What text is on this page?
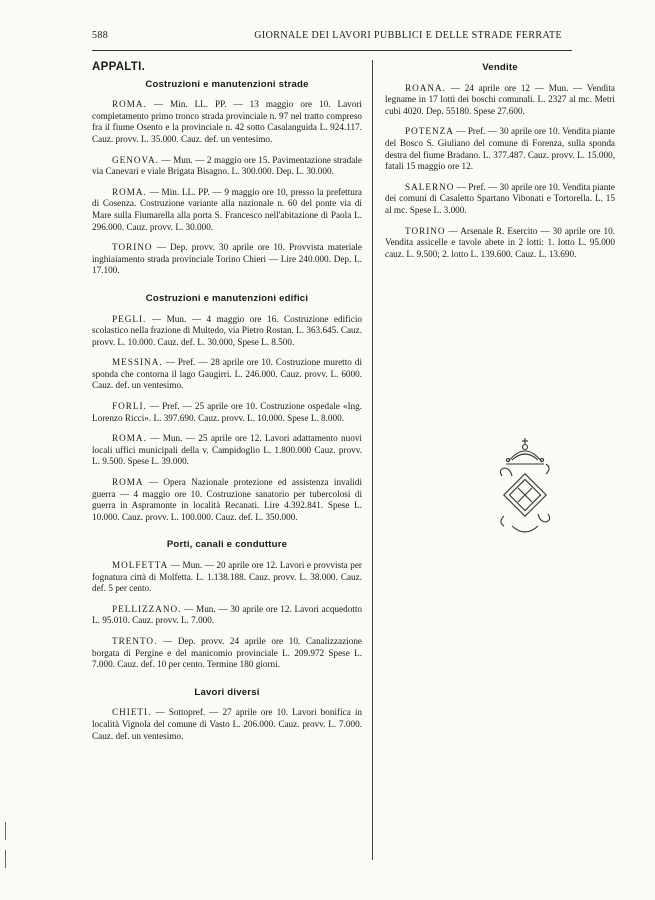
588	GIORNALE DEI LAVORI PUBBLICI E DELLE STRADE FERRATE
APPALTI.
Costruzioni e manutenzioni strade

ROMA. — Min. LL. PP. — 13 maggio ore 10. Lavori completamento primo tronco strada provinciale n. 97 nel tratto compreso fra il fiume Osento e la provinciale n. 42 sotto Casalanguida L. 924.117. Cauz. provv. L. 35.000. Cauz. def. un ventesimo.

GENOVA. — Mun. — 2 maggio ore 15. Pavimentazione stradale via Canevari e viale Brigata Bisagno. L. 300.000. Dep. L. 30.000.

ROMA. — Min. LL. PP. — 9 maggio ore 10, presso la prefettura di Cosenza. Costruzione variante alla nazionale n. 60 del ponte via di Mare sulla Fiumarella alla porta S. Francesco nell'abitazione di Paola L. 296.000. Cauz. provv. L. 30.000.

TORINO — Dep. provv. 30 aprile ore 10. Provvista materiale inghiaiamento strada provinciale Torino Chieri — Lire 240.000. Dep. L. 17.100.

Costruzioni e manutenzioni edifici

PEGLI. — Mun. — 4 maggio ore 16. Costruzione edificio scolastico nella frazione di Multedo, via Pietro Rostan. L. 363.645. Cauz. provv. L. 10.000. Cauz. def. L. 30.000, Spese L. 8.500.

MESSINA. — Pref. — 28 aprile ore 10. Costruzione muretto di sponda che contorna il lago Gaugirri. L. 246.000. Cauz. provv. L. 6000. Cauz. def. un ventesimo.

FORLI. — Pref. — 25 aprile ore 10. Costruzione ospedale «Ing. Lorenzo Ricci». L. 397.690. Cauz. provv. L. 10.000. Spese L. 8.000.

ROMA. — Mun. — 25 aprile ore 12. Lavori adattamento nuovi locali uffici municipali della v. Campidoglio L. 1.800.000 Cauz. provv. L. 9.500. Spese L. 39.000.

ROMA — Opera Nazionale protezione ed assistenza invalidi guerra — 4 maggio ore 10. Costruzione sanatorio per tubercolosi di guerra in Aspramonte in località Recanati. Lire 4.392.841. Spese L. 10.000. Cauz. provv. L. 100.000. Cauz. def. L. 350.000.

Porti, canali e condutture

MOLFETTA — Mun. — 20 aprile ore 12. Lavori e provvista per fognatura città di Molfetta. L. 1.138.188. Cauz. provv. L. 38.000. Cauz. def. 5 per cento.

PELLIZZANO. — Mun. — 30 aprile ore 12. Lavori acquedotto L. 95.010. Cauz. provv. L. 7.000.

TRENTO. — Dep. provv. 24 aprile ore 10. Canalizzazione borgata di Pergine e del manicomio provinciale L. 209.972 Spese L. 7.000. Cauz. def. 10 per cento. Termine 180 giorni.

Lavori diversi

CHIETI. — Sottopref. — 27 aprile ore 10. Lavori bonifica in località Vignola del comune di Vasto L. 206.000. Cauz. provv. L. 7.000. Cauz. def. un ventesimo.

Vendite

ROANA. — 24 aprile ore 12 — Mun. — Vendita legname in 17 lotti dei boschi comunali. L. 2327 al mc. Metri cubi 4020. Dep. 55180. Spese 27.600.

POTENZA — Pref. — 30 aprile ore 10. Vendita piante del Bosco S. Giuliano del comune di Forenza, sulla sponda destra del fiume Bradano. L. 377.487. Cauz. provv. L. 15.000, fatali 15 maggio ore 12.

SALERNO — Pref. — 30 aprile ore 10. Vendita piante dei comuni di Casaletto Spartano Vibonati e Tortorella. L. 15 al mc. Spese L. 3.000.

TORINO — Arsenale R. Esercito — 30 aprile ore 10. Vendita assicelle e tavole abete in 2 lotti: 1. lotto L. 95.000 cauz. L. 9.500; 2. lotto L. 139.600. Cauz. L. 13.690.
